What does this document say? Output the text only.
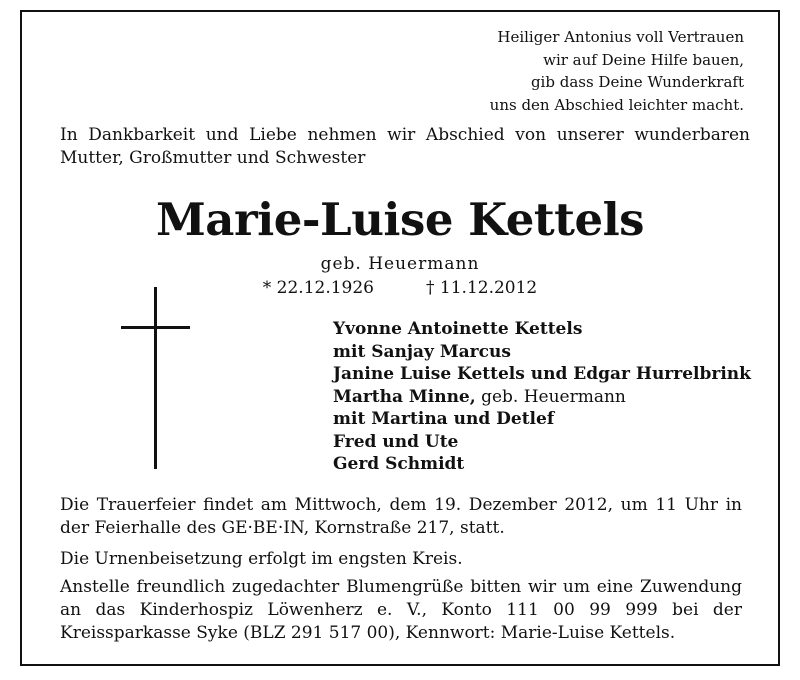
Heiliger Antonius voll Vertrauen
wir auf Deine Hilfe bauen,
gib dass Deine Wunderkraft
uns den Abschied leichter macht.
In Dankbarkeit und Liebe nehmen wir Abschied von unserer wunderbaren Mutter, Großmutter und Schwester
Marie-Luise Kettels
geb. Heuermann
* 22.12.1926	† 11.12.2012
Yvonne Antoinette Kettels
mit Sanjay Marcus
Janine Luise Kettels und Edgar Hurrelbrink
Martha Minne, geb. Heuermann
mit Martina und Detlef
Fred und Ute
Gerd Schmidt
Die Trauerfeier findet am Mittwoch, dem 19. Dezember 2012, um 11 Uhr in der Feierhalle des GE·BE·IN, Kornstraße 217, statt.
Die Urnenbeisetzung erfolgt im engsten Kreis.
Anstelle freundlich zugedachter Blumengrüße bitten wir um eine Zuwendung an das Kinderhospiz Löwenherz e. V., Konto 111 00 99 999 bei der Kreissparkasse Syke (BLZ 291 517 00), Kennwort: Marie-Luise Kettels.
